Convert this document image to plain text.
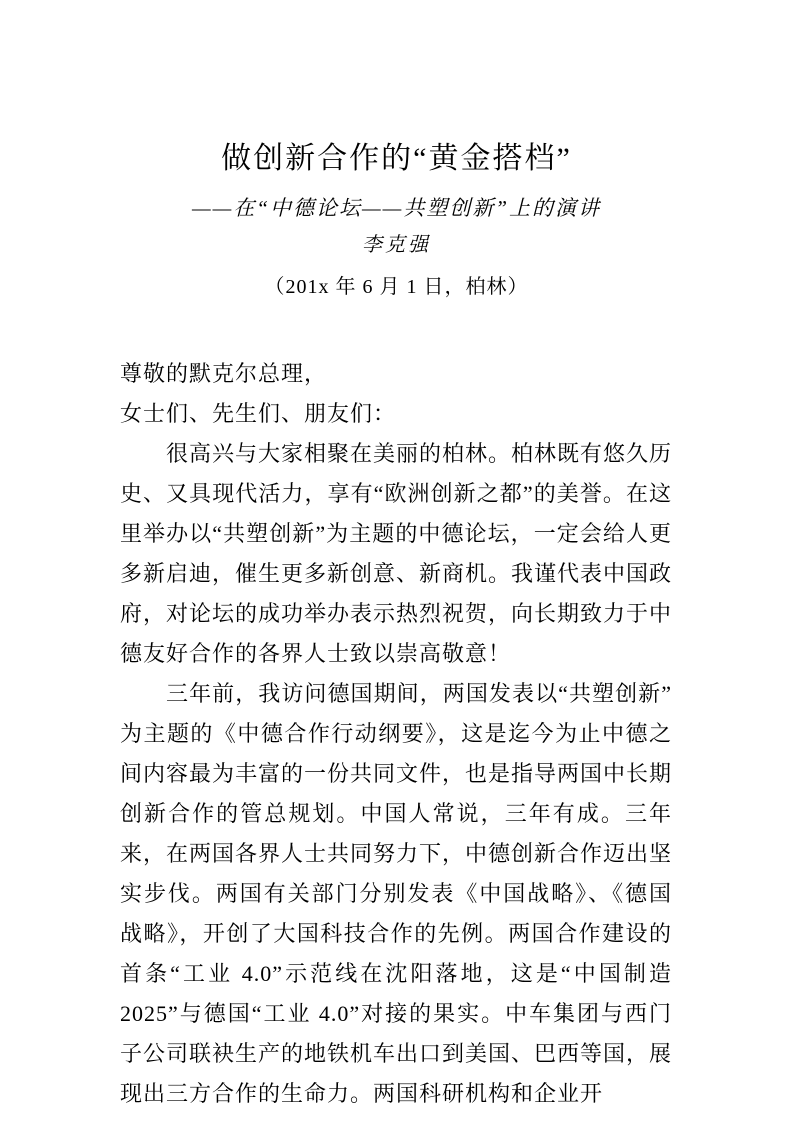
做创新合作的“黄金搭档”
——在“中德论坛——共塑创新”上的演讲
李克强
（201x 年 6 月 1 日，柏林）

尊敬的默克尔总理，

女士们、先生们、朋友们：

很高兴与大家相聚在美丽的柏林。柏林既有悠久历史、又具现代活力，享有“欧洲创新之都”的美誉。在这里举办以“共塑创新”为主题的中德论坛，一定会给人更多新启迪，催生更多新创意、新商机。我谨代表中国政府，对论坛的成功举办表示热烈祝贺，向长期致力于中德友好合作的各界人士致以崇高敬意！

三年前，我访问德国期间，两国发表以“共塑创新”为主题的《中德合作行动纲要》，这是迄今为止中德之间内容最为丰富的一份共同文件，也是指导两国中长期创新合作的管总规划。中国人常说，三年有成。三年来，在两国各界人士共同努力下，中德创新合作迈出坚实步伐。两国有关部门分别发表《中国战略》、《德国战略》，开创了大国科技合作的先例。两国合作建设的首条“工业 4.0”示范线在沈阳落地，这是“中国制造 2025”与德国“工业 4.0”对接的果实。中车集团与西门子公司联袂生产的地铁机车出口到美国、巴西等国，展现出三方合作的生命力。两国科研机构和企业开
